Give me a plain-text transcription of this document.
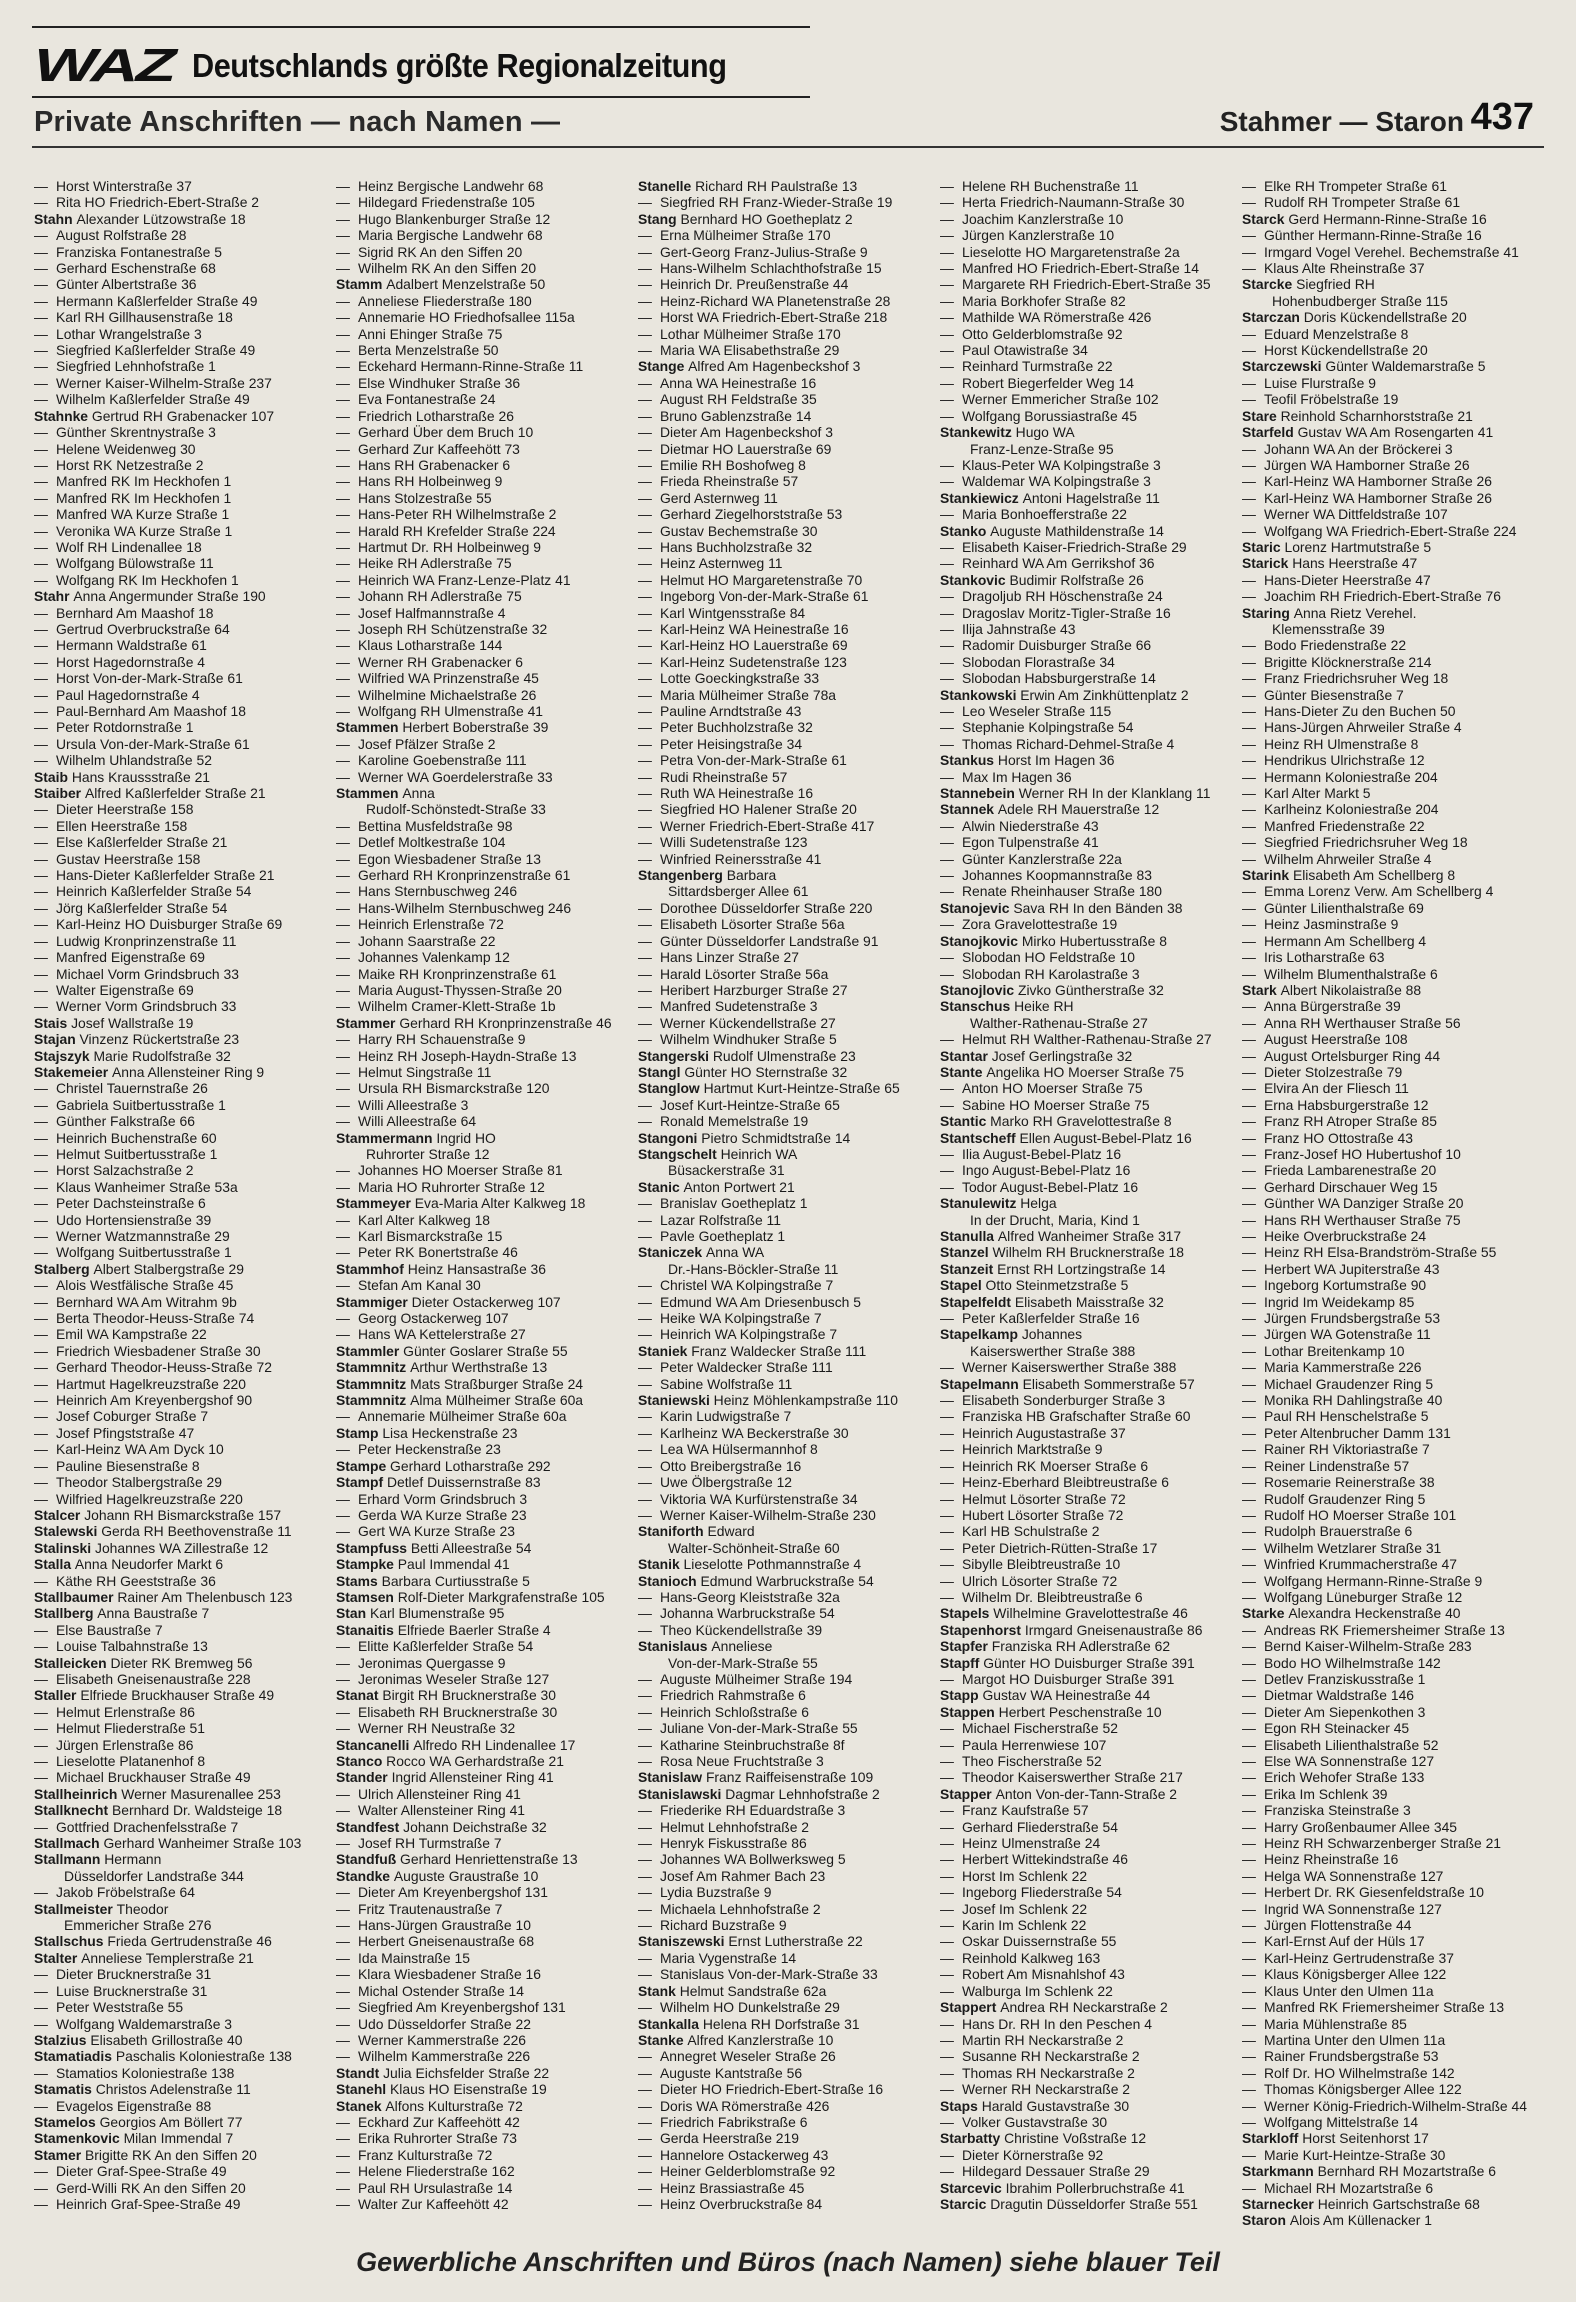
WAZ Deutschlands größte Regionalzeitung
Private Anschriften — nach Namen —	Stahmer — Staron 437
— Horst Winterstraße 37
— Rita HO Friedrich-Ebert-Straße 2
Stahn Alexander Lützowstraße 18
— August Rolfstraße 28
— Franziska Fontanestraße 5
— Gerhard Eschenstraße 68
— Günter Albertstraße 36
— Hermann Kaßlerfelder Straße 49
— Karl RH Gillhausenstraße 18
— Lothar Wrangelstraße 3
— Siegfried Kaßlerfelder Straße 49
— Siegfried Lehnhofstraße 1
— Werner Kaiser-Wilhelm-Straße 237
— Wilhelm Kaßlerfelder Straße 49
Stahnke Gertrud RH Grabenacker 107
— Günther Skrentnystraße 3
— Helene Weidenweg 30
— Horst RK Netzestraße 2
— Manfred RK Im Heckhofen 1
— Manfred RK Im Heckhofen 1
— Manfred WA Kurze Straße 1
— Veronika WA Kurze Straße 1
— Wolf RH Lindenallee 18
— Wolfgang Bülowstraße 11
— Wolfgang RK Im Heckhofen 1
Stahr Anna Angermunder Straße 190
— Bernhard Am Maashof 18
— Gertrud Overbruckstraße 64
— Hermann Waldstraße 61
— Horst Hagedornstraße 4
— Horst Von-der-Mark-Straße 61
— Paul Hagedornstraße 4
— Paul-Bernhard Am Maashof 18
— Peter Rotdornstraße 1
— Ursula Von-der-Mark-Straße 61
— Wilhelm Uhlandstraße 52
Staib Hans Kraussstraße 21
Staiber Alfred Kaßlerfelder Straße 21
— Dieter Heerstraße 158
— Ellen Heerstraße 158
— Else Kaßlerfelder Straße 21
— Gustav Heerstraße 158
— Hans-Dieter Kaßlerfelder Straße 21
— Heinrich Kaßlerfelder Straße 54
— Jörg Kaßlerfelder Straße 54
— Karl-Heinz HO Duisburger Straße 69
— Ludwig Kronprinzenstraße 11
— Manfred Eigenstraße 69
— Michael Vorm Grindsbruch 33
— Walter Eigenstraße 69
— Werner Vorm Grindsbruch 33
Stais Josef Wallstraße 19
Stajan Vinzenz Rückertstraße 23
Stajszyk Marie Rudolfstraße 32
Stakemeier Anna Allensteiner Ring 9
— Christel Tauernstraße 26
— Gabriela Suitbertusstraße 1
— Günther Falkstraße 66
— Heinrich Buchenstraße 60
— Helmut Suitbertusstraße 1
— Horst Salzachstraße 2
— Klaus Wanheimer Straße 53a
— Peter Dachsteinstraße 6
— Udo Hortensienstraße 39
— Werner Watzmannstraße 29
— Wolfgang Suitbertusstraße 1
Stalberg Albert Stalbergstraße 29
— Alois Westfälische Straße 45
— Bernhard WA Am Witrahm 9b
— Berta Theodor-Heuss-Straße 74
— Emil WA Kampstraße 22
— Friedrich Wiesbadener Straße 30
— Gerhard Theodor-Heuss-Straße 72
— Hartmut Hagelkreuzstraße 220
— Heinrich Am Kreyenbergshof 90
— Josef Coburger Straße 7
— Josef Pfingststraße 47
— Karl-Heinz WA Am Dyck 10
— Pauline Biesenstraße 8
— Theodor Stalbergstraße 29
— Wilfried Hagelkreuzstraße 220
Stalcer Johann RH Bismarckstraße 157
Stalewski Gerda RH Beethovenstraße 11
Stalinski Johannes WA Zillestraße 12
Stalla Anna Neudorfer Markt 6
— Käthe RH Geeststraße 36
Stallbaumer Rainer Am Thelenbusch 123
Stallberg Anna Baustraße 7
— Else Baustraße 7
— Louise Talbahnstraße 13
Stalleicken Dieter RK Bremweg 56
— Elisabeth Gneisenaustraße 228
Staller Elfriede Bruckhauser Straße 49
— Helmut Erlenstraße 86
— Helmut Fliederstraße 51
— Jürgen Erlenstraße 86
— Lieselotte Platanenhof 8
— Michael Bruckhauser Straße 49
Stallheinrich Werner Masurenallee 253
Stallknecht Bernhard Dr. Waldsteige 18
— Gottfried Drachenfelsstraße 7
Stallmach Gerhard Wanheimer Straße 103
Stallmann Hermann
Düsseldorfer Landstraße 344
— Jakob Fröbelstraße 64
Stallmeister Theodor
Emmericher Straße 276
Stallschus Frieda Gertrudenstraße 46
Stalter Anneliese Templerstraße 21
— Dieter Brucknerstraße 31
— Luise Brucknerstraße 31
— Peter Weststraße 55
— Wolfgang Waldemarstraße 3
Stalzius Elisabeth Grillostraße 40
Stamatiadis Paschalis Koloniestraße 138
— Stamatios Koloniestraße 138
Stamatis Christos Adelenstraße 11
— Evagelos Eigenstraße 88
Stamelos Georgios Am Böllert 77
Stamenkovic Milan Immendal 7
Stamer Brigitte RK An den Siffen 20
— Dieter Graf-Spee-Straße 49
— Gerd-Willi RK An den Siffen 20
— Heinrich Graf-Spee-Straße 49
— Heinz Bergische Landwehr 68
— Hildegard Friedenstraße 105
— Hugo Blankenburger Straße 12
— Maria Bergische Landwehr 68
— Sigrid RK An den Siffen 20
— Wilhelm RK An den Siffen 20
Stamm Adalbert Menzelstraße 50
— Anneliese Fliederstraße 180
— Annemarie HO Friedhofsallee 115a
— Anni Ehinger Straße 75
— Berta Menzelstraße 50
— Eckehard Hermann-Rinne-Straße 11
— Else Windhuker Straße 36
— Eva Fontanestraße 24
— Friedrich Lotharstraße 26
— Gerhard Über dem Bruch 10
— Gerhard Zur Kaffeehött 73
— Hans RH Grabenacker 6
— Hans RH Holbeinweg 9
— Hans Stolzestraße 55
— Hans-Peter RH Wilhelmstraße 2
— Harald RH Krefelder Straße 224
— Hartmut Dr. RH Holbeinweg 9
— Heike RH Adlerstraße 75
— Heinrich WA Franz-Lenze-Platz 41
— Johann RH Adlerstraße 75
— Josef Halfmannstraße 4
— Joseph RH Schützenstraße 32
— Klaus Lotharstraße 144
— Werner RH Grabenacker 6
— Wilfried WA Prinzenstraße 45
— Wilhelmine Michaelstraße 26
— Wolfgang RH Ulmenstraße 41
Stammen Herbert Boberstraße 39
— Josef Pfälzer Straße 2
— Karoline Goebenstraße 111
— Werner WA Goerdelerstraße 33
Stammen Anna
Rudolf-Schönstedt-Straße 33
— Bettina Musfeldstraße 98
— Detlef Moltkestraße 104
— Egon Wiesbadener Straße 13
— Gerhard RH Kronprinzenstraße 61
— Hans Sternbuschweg 246
— Hans-Wilhelm Sternbuschweg 246
— Heinrich Erlenstraße 72
— Johann Saarstraße 22
— Johannes Valenkamp 12
— Maike RH Kronprinzenstraße 61
— Maria August-Thyssen-Straße 20
— Wilhelm Cramer-Klett-Straße 1b
Stammer Gerhard RH Kronprinzenstraße 46
— Harry RH Schauenstraße 9
— Heinz RH Joseph-Haydn-Straße 13
— Helmut Singstraße 11
— Ursula RH Bismarckstraße 120
— Willi Alleestraße 3
— Willi Alleestraße 64
Stammermann Ingrid HO
Ruhrorter Straße 12
— Johannes HO Moerser Straße 81
— Maria HO Ruhrorter Straße 12
Stammeyer Eva-Maria Alter Kalkweg 18
— Karl Alter Kalkweg 18
— Karl Bismarckstraße 15
— Peter RK Bonertstraße 46
Stammhof Heinz Hansastraße 36
— Stefan Am Kanal 30
Stammiger Dieter Ostackerweg 107
— Georg Ostackerweg 107
— Hans WA Kettelerstraße 27
Stammler Günter Goslarer Straße 55
Stammnitz Arthur Werthstraße 13
Stammnitz Mats Straßburger Straße 24
Stammnitz Alma Mülheimer Straße 60a
— Annemarie Mülheimer Straße 60a
Stamp Lisa Heckenstraße 23
— Peter Heckenstraße 23
Stampe Gerhard Lotharstraße 292
Stampf Detlef Duissernstraße 83
— Erhard Vorm Grindsbruch 3
— Gerda WA Kurze Straße 23
— Gert WA Kurze Straße 23
Stampfuss Betti Alleestraße 54
Stampke Paul Immendal 41
Stams Barbara Curtiusstraße 5
Stamsen Rolf-Dieter Markgrafenstraße 105
Stan Karl Blumenstraße 95
Stanaitis Elfriede Baerler Straße 4
— Elitte Kaßlerfelder Straße 54
— Jeronimas Quergasse 9
— Jeronimas Weseler Straße 127
Stanat Birgit RH Brucknerstraße 30
— Elisabeth RH Brucknerstraße 30
— Werner RH Neustraße 32
Stancanelli Alfredo RH Lindenallee 17
Stanco Rocco WA Gerhardstraße 21
Stander Ingrid Allensteiner Ring 41
— Ulrich Allensteiner Ring 41
— Walter Allensteiner Ring 41
Standfest Johann Deichstraße 32
— Josef RH Turmstraße 7
Standfuß Gerhard Henriettenstraße 13
Standke Auguste Graustraße 10
— Dieter Am Kreyenbergshof 131
— Fritz Trautenaustraße 7
— Hans-Jürgen Graustraße 10
— Herbert Gneisenaustraße 68
— Ida Mainstraße 15
— Klara Wiesbadener Straße 16
— Michal Ostender Straße 14
— Siegfried Am Kreyenbergshof 131
— Udo Düsseldorfer Straße 22
— Werner Kammerstraße 226
— Wilhelm Kammerstraße 226
Standt Julia Eichsfelder Straße 22
Stanehl Klaus HO Eisenstraße 19
Stanek Alfons Kulturstraße 72
— Eckhard Zur Kaffeehött 42
— Erika Ruhrorter Straße 73
— Franz Kulturstraße 72
— Helene Fliederstraße 162
— Paul RH Ursulastraße 14
— Walter Zur Kaffeehött 42
Stanelle Richard RH Paulstraße 13
— Siegfried RH Franz-Wieder-Straße 19
Stang Bernhard HO Goetheplatz 2
— Erna Mülheimer Straße 170
— Gert-Georg Franz-Julius-Straße 9
— Hans-Wilhelm Schlachthofstraße 15
— Heinrich Dr. Preußenstraße 44
— Heinz-Richard WA Planetenstraße 28
— Horst WA Friedrich-Ebert-Straße 218
— Lothar Mülheimer Straße 170
— Maria WA Elisabethstraße 29
Stange Alfred Am Hagenbeckshof 3
— Anna WA Heinestraße 16
— August RH Feldstraße 35
— Bruno Gablenzstraße 14
— Dieter Am Hagenbeckshof 3
— Dietmar HO Lauerstraße 69
— Emilie RH Boshofweg 8
— Frieda Rheinstraße 57
— Gerd Asternweg 11
— Gerhard Ziegelhorststraße 53
— Gustav Bechemstraße 30
— Hans Buchholzstraße 32
— Heinz Asternweg 11
— Helmut HO Margaretenstraße 70
— Ingeborg Von-der-Mark-Straße 61
— Karl Wintgensstraße 84
— Karl-Heinz WA Heinestraße 16
— Karl-Heinz HO Lauerstraße 69
— Karl-Heinz Sudetenstraße 123
— Lotte Goeckingkstraße 33
— Maria Mülheimer Straße 78a
— Pauline Arndtstraße 43
— Peter Buchholzstraße 32
— Peter Heisingstraße 34
— Petra Von-der-Mark-Straße 61
— Rudi Rheinstraße 57
— Ruth WA Heinestraße 16
— Siegfried HO Halener Straße 20
— Werner Friedrich-Ebert-Straße 417
— Willi Sudetenstraße 123
— Winfried Reinersstraße 41
Stangenberg Barbara
Sittardsberger Allee 61
— Dorothee Düsseldorfer Straße 220
— Elisabeth Lösorter Straße 56a
— Günter Düsseldorfer Landstraße 91
— Hans Linzer Straße 27
— Harald Lösorter Straße 56a
— Heribert Harzburger Straße 27
— Manfred Sudetenstraße 3
— Werner Kückendellstraße 27
— Wilhelm Windhuker Straße 5
Stangerski Rudolf Ulmenstraße 23
Stangl Günter HO Sternstraße 32
Stanglow Hartmut Kurt-Heintze-Straße 65
— Josef Kurt-Heintze-Straße 65
— Ronald Memelstraße 19
Stangoni Pietro Schmidtstraße 14
Stangschelt Heinrich WA
Büsackerstraße 31
Stanic Anton Portwert 21
— Branislav Goetheplatz 1
— Lazar Rolfstraße 11
— Pavle Goetheplatz 1
Staniczek Anna WA
Dr.-Hans-Böckler-Straße 11
— Christel WA Kolpingstraße 7
— Edmund WA Am Driesenbusch 5
— Heike WA Kolpingstraße 7
— Heinrich WA Kolpingstraße 7
Staniek Franz Waldecker Straße 111
— Peter Waldecker Straße 111
— Sabine Wolfstraße 11
Staniewski Heinz Möhlenkampstraße 110
— Karin Ludwigstraße 7
— Karlheinz WA Beckerstraße 30
— Lea WA Hülsermannhof 8
— Otto Breibergstraße 16
— Uwe Ölbergstraße 12
— Viktoria WA Kurfürstenstraße 34
— Werner Kaiser-Wilhelm-Straße 230
Staniforth Edward
Walter-Schönheit-Straße 60
Stanik Lieselotte Pothmannstraße 4
Stanioch Edmund Warbruckstraße 54
— Hans-Georg Kleiststraße 32a
— Johanna Warbruckstraße 54
— Theo Kückendellstraße 39
Stanislaus Anneliese
Von-der-Mark-Straße 55
— Auguste Mülheimer Straße 194
— Friedrich Rahmstraße 6
— Heinrich Schloßstraße 6
— Juliane Von-der-Mark-Straße 55
— Katharine Steinbruchstraße 8f
— Rosa Neue Fruchtstraße 3
Stanislaw Franz Raiffeisenstraße 109
Stanislawski Dagmar Lehnhofstraße 2
— Friederike RH Eduardstraße 3
— Helmut Lehnhofstraße 2
— Henryk Fiskusstraße 86
— Johannes WA Bollwerksweg 5
— Josef Am Rahmer Bach 23
— Lydia Buzstraße 9
— Michaela Lehnhofstraße 2
— Richard Buzstraße 9
Staniszewski Ernst Lutherstraße 22
— Maria Vygenstraße 14
— Stanislaus Von-der-Mark-Straße 33
Stank Helmut Sandstraße 62a
— Wilhelm HO Dunkelstraße 29
Stankalla Helena RH Dorfstraße 31
Stanke Alfred Kanzlerstraße 10
— Annegret Weseler Straße 26
— Auguste Kantstraße 56
— Dieter HO Friedrich-Ebert-Straße 16
— Doris WA Römerstraße 426
— Friedrich Fabrikstraße 6
— Gerda Heerstraße 219
— Hannelore Ostackerweg 43
— Heiner Gelderblomstraße 92
— Heinz Brassiastraße 45
— Heinz Overbruckstraße 84
— Helene RH Buchenstraße 11
— Herta Friedrich-Naumann-Straße 30
— Joachim Kanzlerstraße 10
— Jürgen Kanzlerstraße 10
— Lieselotte HO Margaretenstraße 2a
— Manfred HO Friedrich-Ebert-Straße 14
— Margarete RH Friedrich-Ebert-Straße 35
— Maria Borkhofer Straße 82
— Mathilde WA Römerstraße 426
— Otto Gelderblomstraße 92
— Paul Otawistraße 34
— Reinhard Turmstraße 22
— Robert Biegerfelder Weg 14
— Werner Emmericher Straße 102
— Wolfgang Borussiastraße 45
Stankewitz Hugo WA
Franz-Lenze-Straße 95
— Klaus-Peter WA Kolpingstraße 3
— Waldemar WA Kolpingstraße 3
Stankiewicz Antoni Hagelstraße 11
— Maria Bonhoefferstraße 22
Stanko Auguste Mathildenstraße 14
— Elisabeth Kaiser-Friedrich-Straße 29
— Reinhard WA Am Gerrikshof 36
Stankovic Budimir Rolfstraße 26
— Dragoljub RH Höschenstraße 24
— Dragoslav Moritz-Tigler-Straße 16
— Ilija Jahnstraße 43
— Radomir Duisburger Straße 66
— Slobodan Florastraße 34
— Slobodan Habsburgerstraße 14
Stankowski Erwin Am Zinkhüttenplatz 2
— Leo Weseler Straße 115
— Stephanie Kolpingstraße 54
— Thomas Richard-Dehmel-Straße 4
Stankus Horst Im Hagen 36
— Max Im Hagen 36
Stannebein Werner RH In der Klanklang 11
Stannek Adele RH Mauerstraße 12
— Alwin Niederstraße 43
— Egon Tulpenstraße 41
— Günter Kanzlerstraße 22a
— Johannes Koopmannstraße 83
— Renate Rheinhauser Straße 180
Stanojevic Sava RH In den Bänden 38
— Zora Gravelottestraße 19
Stanojkovic Mirko Hubertusstraße 8
— Slobodan HO Feldstraße 10
— Slobodan RH Karolastraße 3
Stanojlovic Zivko Güntherstraße 32
Stanschus Heike RH
Walther-Rathenau-Straße 27
— Helmut RH Walther-Rathenau-Straße 27
Stantar Josef Gerlingstraße 32
Stante Angelika HO Moerser Straße 75
— Anton HO Moerser Straße 75
— Sabine HO Moerser Straße 75
Stantic Marko RH Gravelottestraße 8
Stantscheff Ellen August-Bebel-Platz 16
— Ilia August-Bebel-Platz 16
— Ingo August-Bebel-Platz 16
— Todor August-Bebel-Platz 16
Stanulewitz Helga
In der Drucht, Maria, Kind 1
Stanulla Alfred Wanheimer Straße 317
Stanzel Wilhelm RH Brucknerstraße 18
Stanzeit Ernst RH Lortzingstraße 14
Stapel Otto Steinmetzstraße 5
Stapelfeldt Elisabeth Maisstraße 32
— Peter Kaßlerfelder Straße 16
Stapelkamp Johannes
Kaiserswerther Straße 388
— Werner Kaiserswerther Straße 388
Stapelmann Elisabeth Sommerstraße 57
— Elisabeth Sonderburger Straße 3
— Franziska HB Grafschafter Straße 60
— Heinrich Augustastraße 37
— Heinrich Marktstraße 9
— Heinrich RK Moerser Straße 6
— Heinz-Eberhard Bleibtreustraße 6
— Helmut Lösorter Straße 72
— Hubert Lösorter Straße 72
— Karl HB Schulstraße 2
— Peter Dietrich-Rütten-Straße 17
— Sibylle Bleibtreustraße 10
— Ulrich Lösorter Straße 72
— Wilhelm Dr. Bleibtreustraße 6
Stapels Wilhelmine Gravelottestraße 46
Stapenhorst Irmgard Gneisenaustraße 86
Stapfer Franziska RH Adlerstraße 62
Stapff Günter HO Duisburger Straße 391
— Margot HO Duisburger Straße 391
Stapp Gustav WA Heinestraße 44
Stappen Herbert Peschenstraße 10
— Michael Fischerstraße 52
— Paula Herrenwiese 107
— Theo Fischerstraße 52
— Theodor Kaiserswerther Straße 217
Stapper Anton Von-der-Tann-Straße 2
— Franz Kaufstraße 57
— Gerhard Fliederstraße 54
— Heinz Ulmenstraße 24
— Herbert Wittekindstraße 46
— Horst Im Schlenk 22
— Ingeborg Fliederstraße 54
— Josef Im Schlenk 22
— Karin Im Schlenk 22
— Oskar Duissernstraße 55
— Reinhold Kalkweg 163
— Robert Am Misnahlshof 43
— Walburga Im Schlenk 22
Stappert Andrea RH Neckarstraße 2
— Hans Dr. RH In den Peschen 4
— Martin RH Neckarstraße 2
— Susanne RH Neckarstraße 2
— Thomas RH Neckarstraße 2
— Werner RH Neckarstraße 2
Staps Harald Gustavstraße 30
— Volker Gustavstraße 30
Starbatty Christine Voßstraße 12
— Dieter Körnerstraße 92
— Hildegard Dessauer Straße 29
Starcevic Ibrahim Pollerbruchstraße 41
Starcic Dragutin Düsseldorfer Straße 551
— Elke RH Trompeter Straße 61
— Rudolf RH Trompeter Straße 61
Starck Gerd Hermann-Rinne-Straße 16
— Günther Hermann-Rinne-Straße 16
— Irmgard Vogel Verehel. Bechemstraße 41
— Klaus Alte Rheinstraße 37
Starcke Siegfried RH
Hohenbudberger Straße 115
Starczan Doris Kückendellstraße 20
— Eduard Menzelstraße 8
— Horst Kückendellstraße 20
Starczewski Günter Waldemarstraße 5
— Luise Flurstraße 9
— Teofil Fröbelstraße 19
Stare Reinhold Scharnhorststraße 21
Starfeld Gustav WA Am Rosengarten 41
— Johann WA An der Bröckerei 3
— Jürgen WA Hamborner Straße 26
— Karl-Heinz WA Hamborner Straße 26
— Karl-Heinz WA Hamborner Straße 26
— Werner WA Dittfeldstraße 107
— Wolfgang WA Friedrich-Ebert-Straße 224
Staric Lorenz Hartmutstraße 5
Starick Hans Heerstraße 47
— Hans-Dieter Heerstraße 47
— Joachim RH Friedrich-Ebert-Straße 76
Staring Anna Rietz Verehel.
Klemensstraße 39
— Bodo Friedenstraße 22
— Brigitte Klöcknerstraße 214
— Franz Friedrichsruher Weg 18
— Günter Biesenstraße 7
— Hans-Dieter Zu den Buchen 50
— Hans-Jürgen Ahrweiler Straße 4
— Heinz RH Ulmenstraße 8
— Hendrikus Ulrichstraße 12
— Hermann Koloniestraße 204
— Karl Alter Markt 5
— Karlheinz Koloniestraße 204
— Manfred Friedenstraße 22
— Siegfried Friedrichsruher Weg 18
— Wilhelm Ahrweiler Straße 4
Starink Elisabeth Am Schellberg 8
— Emma Lorenz Verw. Am Schellberg 4
— Günter Lilienthalstraße 69
— Heinz Jasminstraße 9
— Hermann Am Schellberg 4
— Iris Lotharstraße 63
— Wilhelm Blumenthalstraße 6
Stark Albert Nikolaistraße 88
— Anna Bürgerstraße 39
— Anna RH Werthauser Straße 56
— August Heerstraße 108
— August Ortelsburger Ring 44
— Dieter Stolzestraße 79
— Elvira An der Fliesch 11
— Erna Habsburgerstraße 12
— Franz RH Atroper Straße 85
— Franz HO Ottostraße 43
— Franz-Josef HO Hubertushof 10
— Frieda Lambarenestraße 20
— Gerhard Dirschauer Weg 15
— Günther WA Danziger Straße 20
— Hans RH Werthauser Straße 75
— Heike Overbruckstraße 24
— Heinz RH Elsa-Brandström-Straße 55
— Herbert WA Jupiterstraße 43
— Ingeborg Kortumstraße 90
— Ingrid Im Weidekamp 85
— Jürgen Frundsbergstraße 53
— Jürgen WA Gotenstraße 11
— Lothar Breitenkamp 10
— Maria Kammerstraße 226
— Michael Graudenzer Ring 5
— Monika RH Dahlingstraße 40
— Paul RH Henschelstraße 5
— Peter Altenbrucher Damm 131
— Rainer RH Viktoriastraße 7
— Reiner Lindenstraße 57
— Rosemarie Reinerstraße 38
— Rudolf Graudenzer Ring 5
— Rudolf HO Moerser Straße 101
— Rudolph Brauerstraße 6
— Wilhelm Wetzlarer Straße 31
— Winfried Krummacherstraße 47
— Wolfgang Hermann-Rinne-Straße 9
— Wolfgang Lüneburger Straße 12
Starke Alexandra Heckenstraße 40
— Andreas RK Friemersheimer Straße 13
— Bernd Kaiser-Wilhelm-Straße 283
— Bodo HO Wilhelmstraße 142
— Detlev Franziskusstraße 1
— Dietmar Waldstraße 146
— Dieter Am Siepenkothen 3
— Egon RH Steinacker 45
— Elisabeth Lilienthalstraße 52
— Else WA Sonnenstraße 127
— Erich Wehofer Straße 133
— Erika Im Schlenk 39
— Franziska Steinstraße 3
— Harry Großenbaumer Allee 345
— Heinz RH Schwarzenberger Straße 21
— Heinz Rheinstraße 16
— Helga WA Sonnenstraße 127
— Herbert Dr. RK Giesenfeldstraße 10
— Ingrid WA Sonnenstraße 127
— Jürgen Flottenstraße 44
— Karl-Ernst Auf der Hüls 17
— Karl-Heinz Gertrudenstraße 37
— Klaus Königsberger Allee 122
— Klaus Unter den Ulmen 11a
— Manfred RK Friemersheimer Straße 13
— Maria Mühlenstraße 85
— Martina Unter den Ulmen 11a
— Rainer Frundsbergstraße 53
— Rolf Dr. HO Wilhelmstraße 142
— Thomas Königsberger Allee 122
— Werner König-Friedrich-Wilhelm-Straße 44
— Wolfgang Mittelstraße 14
Starkloff Horst Seitenhorst 17
— Marie Kurt-Heintze-Straße 30
Starkmann Bernhard RH Mozartstraße 6
— Michael RH Mozartstraße 6
Starnecker Heinrich Gartschstraße 68
Staron Alois Am Küllenacker 1
Gewerbliche Anschriften und Büros (nach Namen) siehe blauer Teil
